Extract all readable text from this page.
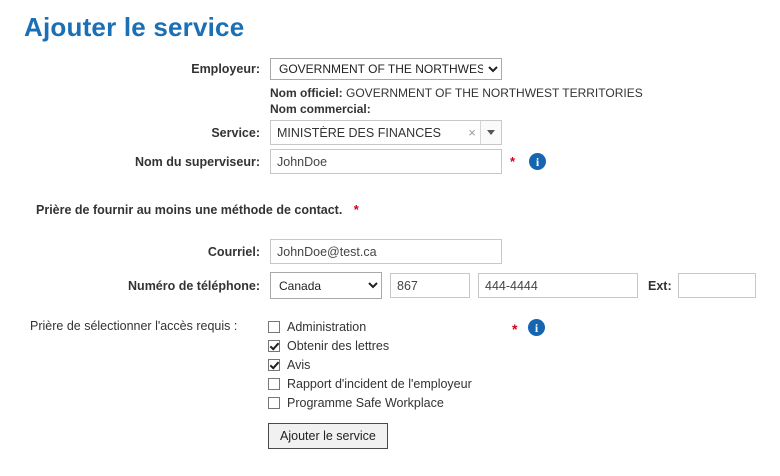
Ajouter le service
Employeur:
GOVERNMENT OF THE NORTHWEST TERRITORIES
Nom officiel: GOVERNMENT OF THE NORTHWEST TERRITORIES
Nom commercial:
Service:	MINISTÈRE DES FINANCES	×
Nom du superviseur:
JohnDoe	*	i
Prière de fournir au moins une méthode de contact. *
Courriel:
JohnDoe@test.ca
Numéro de téléphone:
Canada
867
444-4444	Ext:
Prière de sélectionner l'accès requis :	Administration
Obtenir des lettres
Avis
Rapport d'incident de l'employeur
Programme Safe Workplace
*	i
Ajouter le service
